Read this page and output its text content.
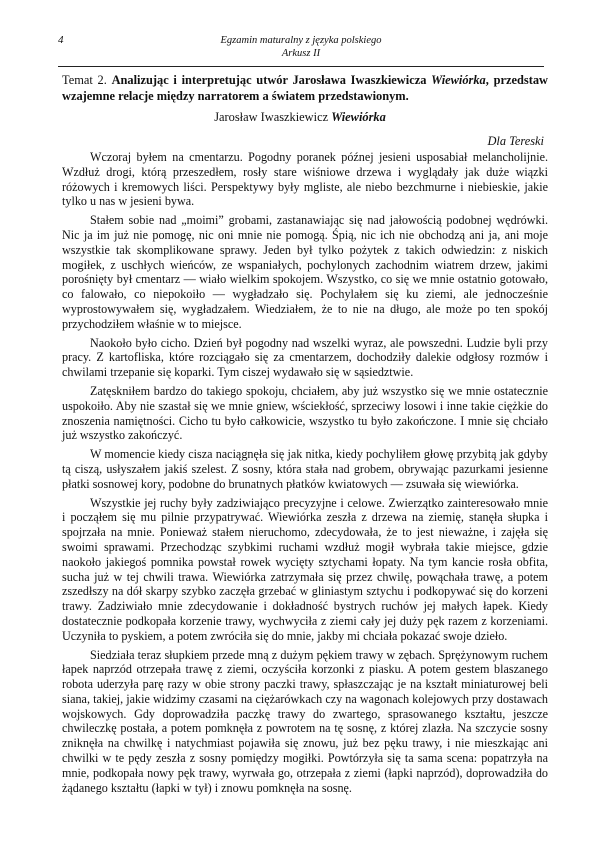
4	Egzamin maturalny z języka polskiego
Arkusz II
Temat 2. Analizując i interpretując utwór Jarosława Iwaszkiewicza Wiewiórka, przedstaw wzajemne relacje między narratorem a światem przedstawionym.
Jarosław Iwaszkiewicz Wiewiórka
Dla Tereski

Wczoraj byłem na cmentarzu. Pogodny poranek późnej jesieni usposabiał melancholijnie. Wzdłuż drogi, którą przeszedłem, rosły stare wiśniowe drzewa i wyglądały jak duże wiązki różowych i kremowych liści. Perspektywy były mgliste, ale niebo bezchmurne i niebieskie, jakie tylko u nas w jesieni bywa.

Stałem sobie nad „moimi” grobami, zastanawiając się nad jałowością podobnej wędrówki. Nic ja im już nie pomogę, nic oni mnie nie pomogą. Śpią, nic ich nie obchodzą ani ja, ani moje wszystkie tak skomplikowane sprawy. Jeden był tylko pożytek z takich odwiedzin: z niskich mogiłek, z uschłych wieńców, ze wspaniałych, pochylonych zachodnim wiatrem drzew, jakimi porośnięty był cmentarz — wiało wielkim spokojem. Wszystko, co się we mnie ostatnio gotowało, co falowało, co niepokoiło — wygładzało się. Pochylałem się ku ziemi, ale jednocześnie wyprostowywałem się, wygładzałem. Wiedziałem, że to nie na długo, ale może po ten spokój przychodziłem właśnie w to miejsce.

Naokoło było cicho. Dzień był pogodny nad wszelki wyraz, ale powszedni. Ludzie byli przy pracy. Z kartofliska, które rozciągało się za cmentarzem, dochodziły dalekie odgłosy rozmów i chwilami trzepanie się koparki. Tym ciszej wydawało się w sąsiedztwie.

Zatęskniłem bardzo do takiego spokoju, chciałem, aby już wszystko się we mnie ostatecznie uspokoiło. Aby nie szastał się we mnie gniew, wściekłość, sprzeciwy losowi i inne takie ciężkie do znoszenia namiętności. Cicho tu było całkowicie, wszystko tu było zakończone. I mnie się chciało już wszystko zakończyć.

W momencie kiedy cisza naciągnęła się jak nitka, kiedy pochyliłem głowę przybitą jak gdyby tą ciszą, usłyszałem jakiś szelest. Z sosny, która stała nad grobem, obrywając pazurkami jesienne płatki sosnowej kory, podobne do brunatnych płatków kwiatowych — zsuwała się wiewiórka.

Wszystkie jej ruchy były zadziwiająco precyzyjne i celowe. Zwierzątko zainteresowało mnie i począłem się mu pilnie przypatrywać. Wiewiórka zeszła z drzewa na ziemię, stanęła słupka i spojrzała na mnie. Ponieważ stałem nieruchomo, zdecydowała, że to jest nieważne, i zajęła się swoimi sprawami. Przechodząc szybkimi ruchami wzdłuż mogił wybrała takie miejsce, gdzie naokoło jakiegoś pomnika powstał rowek wycięty sztychami łopaty. Na tym kancie rosła obfita, sucha już w tej chwili trawa. Wiewiórka zatrzymała się przez chwilę, powąchała trawę, a potem zszedłszy na dół skarpy szybko zaczęła grzebać w gliniastym sztychu i podkopywać się do korzeni trawy. Zadziwiało mnie zdecydowanie i dokładność bystrych ruchów jej małych łapek. Kiedy dostatecznie podkopała korzenie trawy, wychwyciła z ziemi cały jej duży pęk razem z korzeniami. Uczyniła to pyskiem, a potem zwróciła się do mnie, jakby mi chciała pokazać swoje dzieło.

Siedziała teraz słupkiem przede mną z dużym pękiem trawy w zębach. Sprężynowym ruchem łapek naprzód otrzepała trawę z ziemi, oczyściła korzonki z piasku. A potem gestem blaszanego robota uderzyła parę razy w obie strony paczki trawy, spłaszczając je na kształt miniaturowej beli siana, takiej, jakie widzimy czasami na ciężarówkach czy na wagonach kolejowych przy dostawach wojskowych. Gdy doprowadziła paczkę trawy do zwartego, sprasowanego kształtu, jeszcze chwileczkę postała, a potem pomknęła z powrotem na tę sosnę, z której zlazła. Na szczycie sosny zniknęła na chwilkę i natychmiast pojawiła się znowu, już bez pęku trawy, i nie mieszkając ani chwilki w te pędy zeszła z sosny pomiędzy mogiłki. Powtórzyła się ta sama scena: popatrzyła na mnie, podkopała nowy pęk trawy, wyrwała go, otrzepała z ziemi (łapki naprzód), doprowadziła do żądanego kształtu (łapki w tył) i znowu pomknęła na sosnę.
